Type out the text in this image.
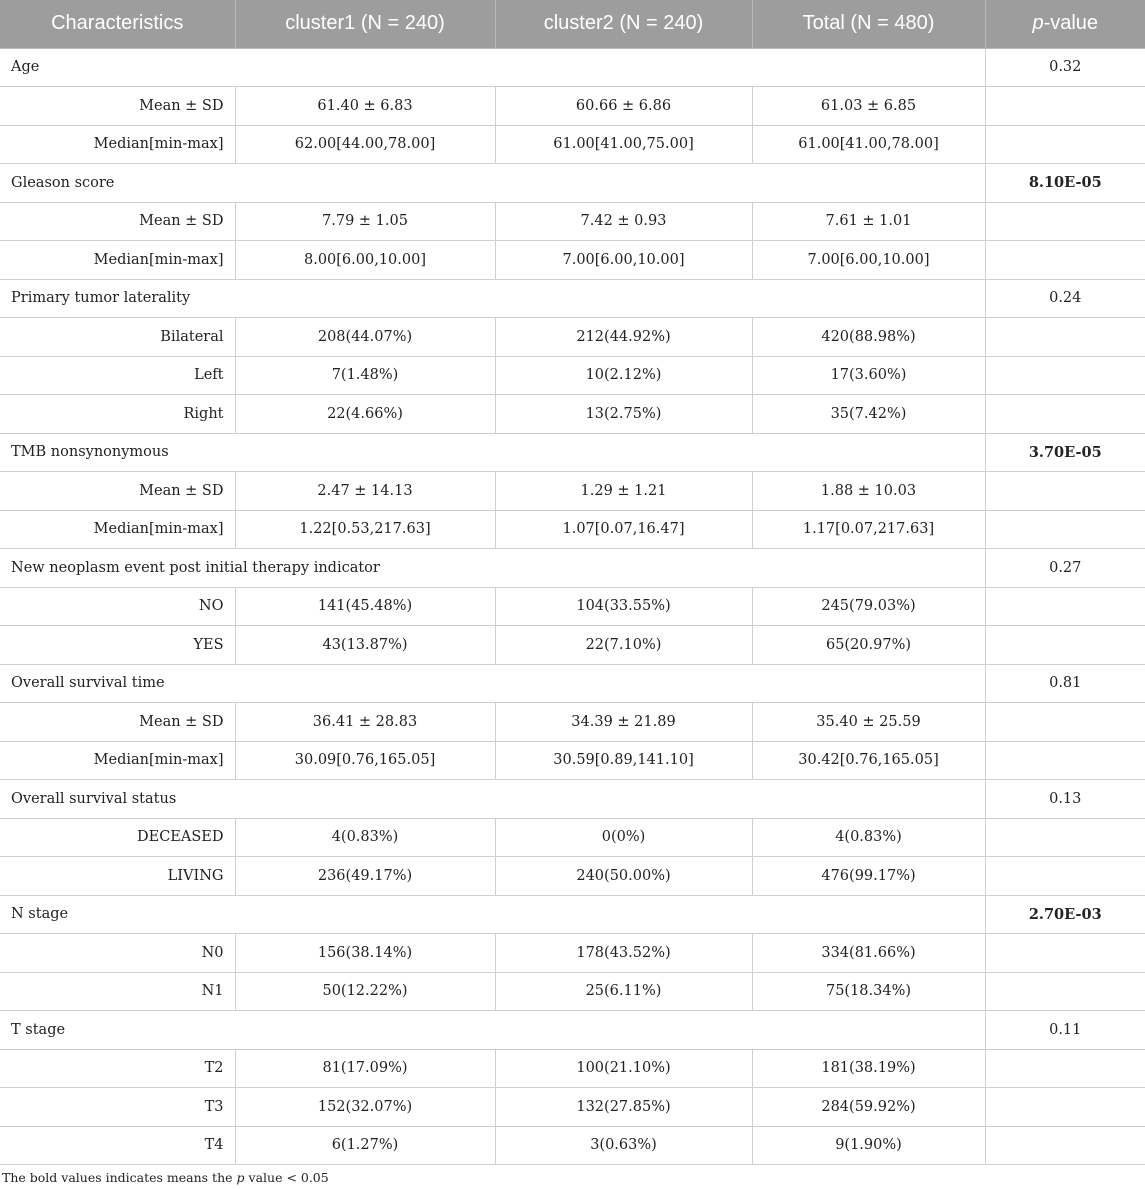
Characteristics	cluster1 (N = 240)	cluster2 (N = 240)	Total (N = 480)	p-value
Age				0.32
Mean ± SD	61.40 ± 6.83	60.66 ± 6.86	61.03 ± 6.85	
Median[min-max]	62.00[44.00,78.00]	61.00[41.00,75.00]	61.00[41.00,78.00]	
Gleason score				8.10E-05
Mean ± SD	7.79 ± 1.05	7.42 ± 0.93	7.61 ± 1.01	
Median[min-max]	8.00[6.00,10.00]	7.00[6.00,10.00]	7.00[6.00,10.00]	
Primary tumor laterality				0.24
Bilateral	208(44.07%)	212(44.92%)	420(88.98%)	
Left	7(1.48%)	10(2.12%)	17(3.60%)	
Right	22(4.66%)	13(2.75%)	35(7.42%)	
TMB nonsynonymous				3.70E-05
Mean ± SD	2.47 ± 14.13	1.29 ± 1.21	1.88 ± 10.03	
Median[min-max]	1.22[0.53,217.63]	1.07[0.07,16.47]	1.17[0.07,217.63]	
New neoplasm event post initial therapy indicator				0.27
NO	141(45.48%)	104(33.55%)	245(79.03%)	
YES	43(13.87%)	22(7.10%)	65(20.97%)	
Overall survival time				0.81
Mean ± SD	36.41 ± 28.83	34.39 ± 21.89	35.40 ± 25.59	
Median[min-max]	30.09[0.76,165.05]	30.59[0.89,141.10]	30.42[0.76,165.05]	
Overall survival status				0.13
DECEASED	4(0.83%)	0(0%)	4(0.83%)	
LIVING	236(49.17%)	240(50.00%)	476(99.17%)	
N stage				2.70E-03
N0	156(38.14%)	178(43.52%)	334(81.66%)	
N1	50(12.22%)	25(6.11%)	75(18.34%)	
T stage				0.11
T2	81(17.09%)	100(21.10%)	181(38.19%)	
T3	152(32.07%)	132(27.85%)	284(59.92%)	
T4	6(1.27%)	3(0.63%)	9(1.90%)	
The bold values indicates means the p value < 0.05
